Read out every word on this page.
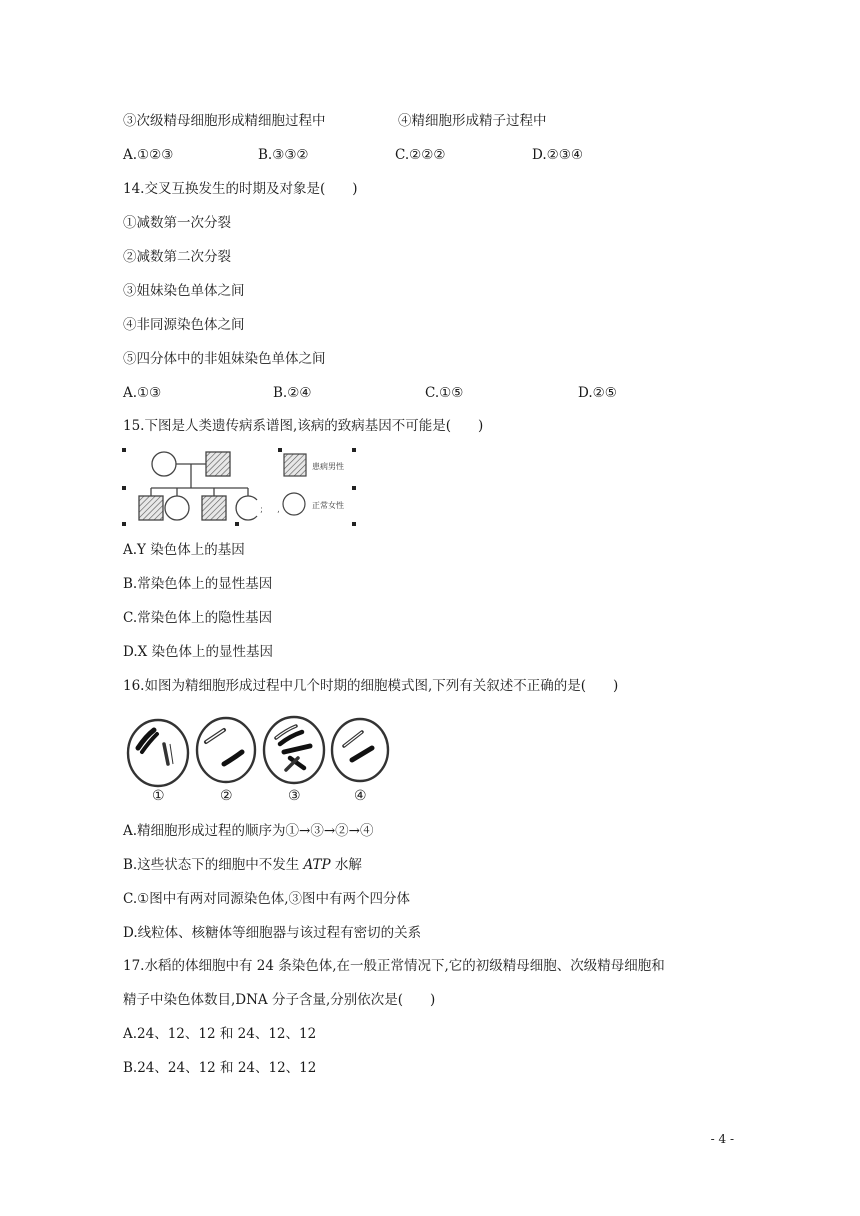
③次级精母细胞形成精细胞过程中	④精细胞形成精子过程中
A.①②③	B.③③②	C.②②②	D.②③④
14.交叉互换发生的时期及对象是(　　)
①减数第一次分裂
②减数第二次分裂
③姐妹染色单体之间
④非同源染色体之间
⑤四分体中的非姐妹染色单体之间
A.①③	B.②④	C.①⑤	D.②⑤
15.下图是人类遗传病系谱图,该病的致病基因不可能是(　　)
; ,
患病男性
正常女性
A.Y 染色体上的基因
B.常染色体上的显性基因
C.常染色体上的隐性基因
D.X 染色体上的显性基因
16.如图为精细胞形成过程中几个时期的细胞模式图,下列有关叙述不正确的是(　　)
①	②	③	④
A.精细胞形成过程的顺序为①→③→②→④
B.这些状态下的细胞中不发生 ATP 水解
C.①图中有两对同源染色体,③图中有两个四分体
D.线粒体、核糖体等细胞器与该过程有密切的关系
17.水稻的体细胞中有 24 条染色体,在一般正常情况下,它的初级精母细胞、次级精母细胞和
精子中染色体数目,DNA 分子含量,分别依次是(　　)
A.24、12、12 和 24、12、12
B.24、24、12 和 24、12、12
- 4 -
